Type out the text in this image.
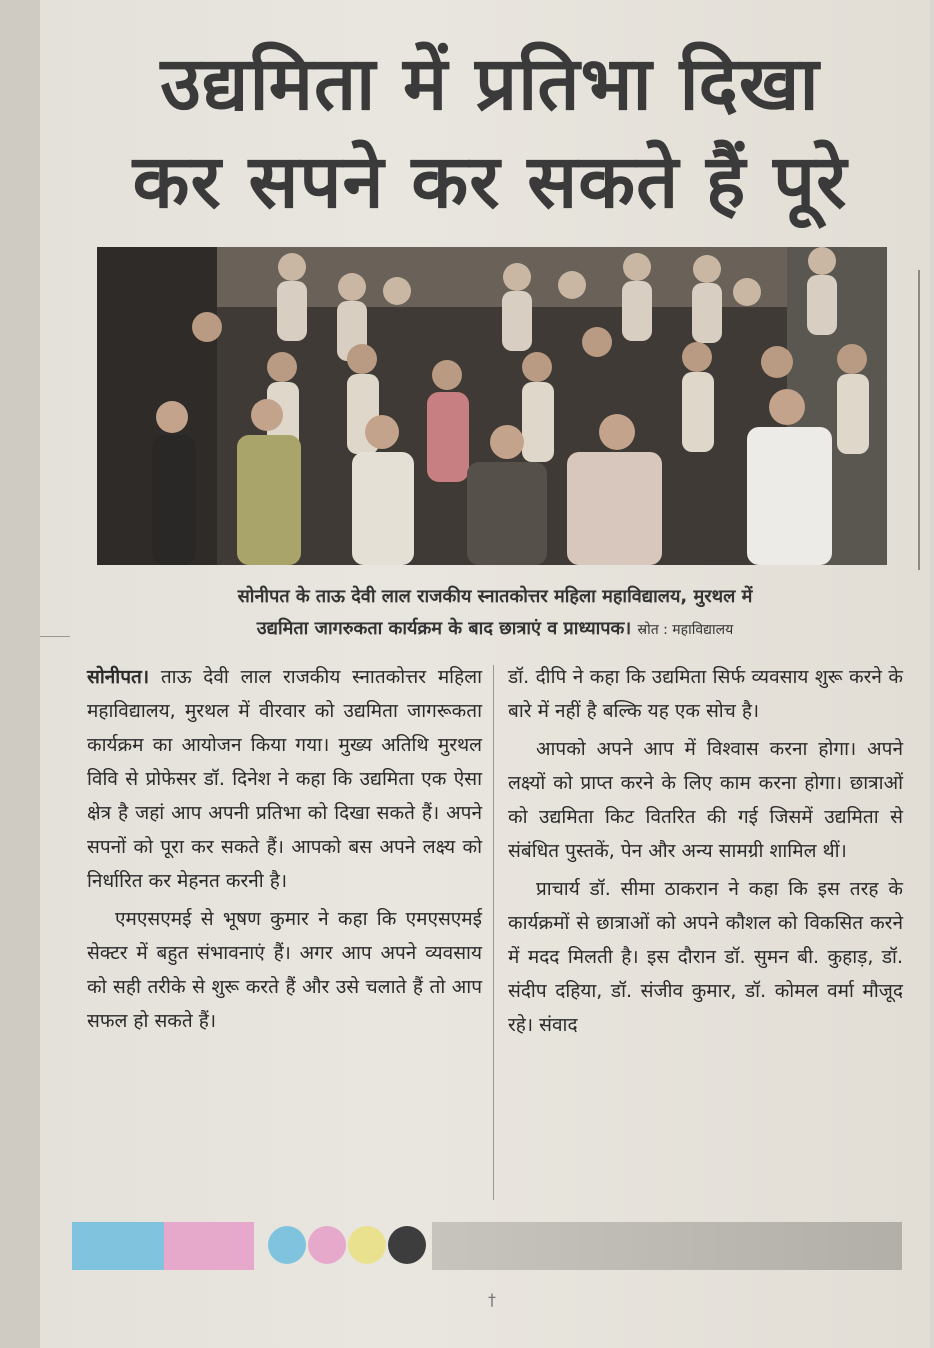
उद्यमिता में प्रतिभा दिखा
कर सपने कर सकते हैं पूरे
सोनीपत के ताऊ देवी लाल राजकीय स्नातकोत्तर महिला महाविद्यालय, मुरथल में
उद्यमिता जागरुकता कार्यक्रम के बाद छात्राएं व प्राध्यापक। स्रोत : महाविद्यालय

सोनीपत। ताऊ देवी लाल राजकीय स्नातकोत्तर महिला महाविद्यालय, मुरथल में वीरवार को उद्यमिता जागरूकता कार्यक्रम का आयोजन किया गया। मुख्य अतिथि मुरथल विवि से प्रोफेसर डॉ. दिनेश ने कहा कि उद्यमिता एक ऐसा क्षेत्र है जहां आप अपनी प्रतिभा को दिखा सकते हैं। अपने सपनों को पूरा कर सकते हैं। आपको बस अपने लक्ष्य को निर्धारित कर मेहनत करनी है।

एमएसएमई से भूषण कुमार ने कहा कि एमएसएमई सेक्टर में बहुत संभावनाएं हैं। अगर आप अपने व्यवसाय को सही तरीके से शुरू करते हैं और उसे चलाते हैं तो आप सफल हो सकते हैं।

डॉ. दीपि ने कहा कि उद्यमिता सिर्फ व्यवसाय शुरू करने के बारे में नहीं है बल्कि यह एक सोच है।

आपको अपने आप में विश्वास करना होगा। अपने लक्ष्यों को प्राप्त करने के लिए काम करना होगा। छात्राओं को उद्यमिता किट वितरित की गई जिसमें उद्यमिता से संबंधित पुस्तकें, पेन और अन्य सामग्री शामिल थीं।

प्राचार्य डॉ. सीमा ठाकरान ने कहा कि इस तरह के कार्यक्रमों से छात्राओं को अपने कौशल को विकसित करने में मदद मिलती है। इस दौरान डॉ. सुमन बी. कुहाड़, डॉ. संदीप दहिया, डॉ. संजीव कुमार, डॉ. कोमल वर्मा मौजूद रहे। संवाद

†
